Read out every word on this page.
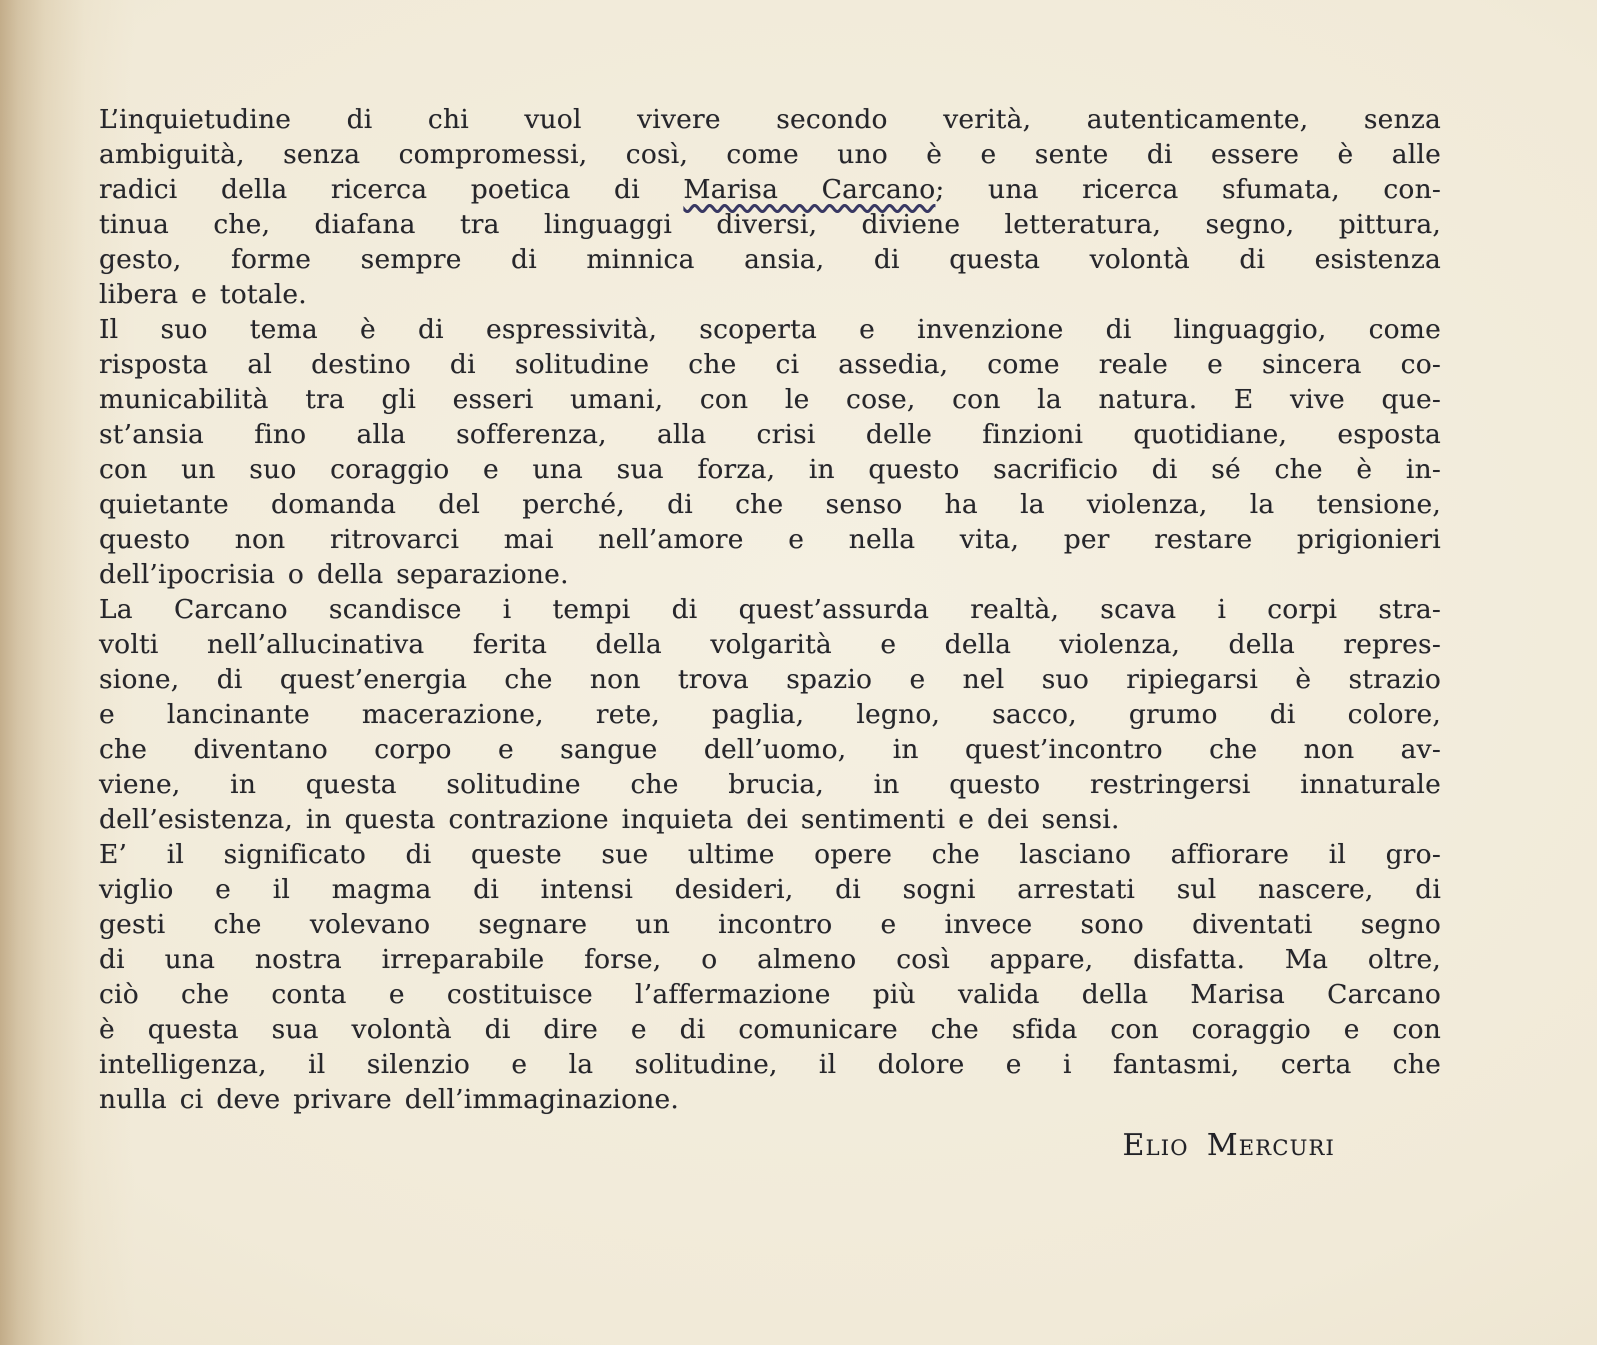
L’inquietudine di chi vuol vivere secondo verità, autenticamente, senza
ambiguità, senza compromessi, così, come uno è e sente di essere è alle
radici della ricerca poetica di Marisa Carcano; una ricerca sfumata, con-
tinua che, diafana tra linguaggi diversi, diviene letteratura, segno, pittura,
gesto, forme sempre di minnica ansia, di questa volontà di esistenza
libera e totale.
Il suo tema è di espressività, scoperta e invenzione di linguaggio, come
risposta al destino di solitudine che ci assedia, come reale e sincera co-
municabilità tra gli esseri umani, con le cose, con la natura. E vive que-
st’ansia fino alla sofferenza, alla crisi delle finzioni quotidiane, esposta
con un suo coraggio e una sua forza, in questo sacrificio di sé che è in-
quietante domanda del perché, di che senso ha la violenza, la tensione,
questo non ritrovarci mai nell’amore e nella vita, per restare prigionieri
dell’ipocrisia o della separazione.
La Carcano scandisce i tempi di quest’assurda realtà, scava i corpi stra-
volti nell’allucinativa ferita della volgarità e della violenza, della repres-
sione, di quest’energia che non trova spazio e nel suo ripiegarsi è strazio
e lancinante macerazione, rete, paglia, legno, sacco, grumo di colore,
che diventano corpo e sangue dell’uomo, in quest’incontro che non av-
viene, in questa solitudine che brucia, in questo restringersi innaturale
dell’esistenza, in questa contrazione inquieta dei sentimenti e dei sensi.
E’ il significato di queste sue ultime opere che lasciano affiorare il gro-
viglio e il magma di intensi desideri, di sogni arrestati sul nascere, di
gesti che volevano segnare un incontro e invece sono diventati segno
di una nostra irreparabile forse, o almeno così appare, disfatta. Ma oltre,
ciò che conta e costituisce l’affermazione più valida della Marisa Carcano
è questa sua volontà di dire e di comunicare che sfida con coraggio e con
intelligenza, il silenzio e la solitudine, il dolore e i fantasmi, certa che
nulla ci deve privare dell’immaginazione.
Elio Mercuri
